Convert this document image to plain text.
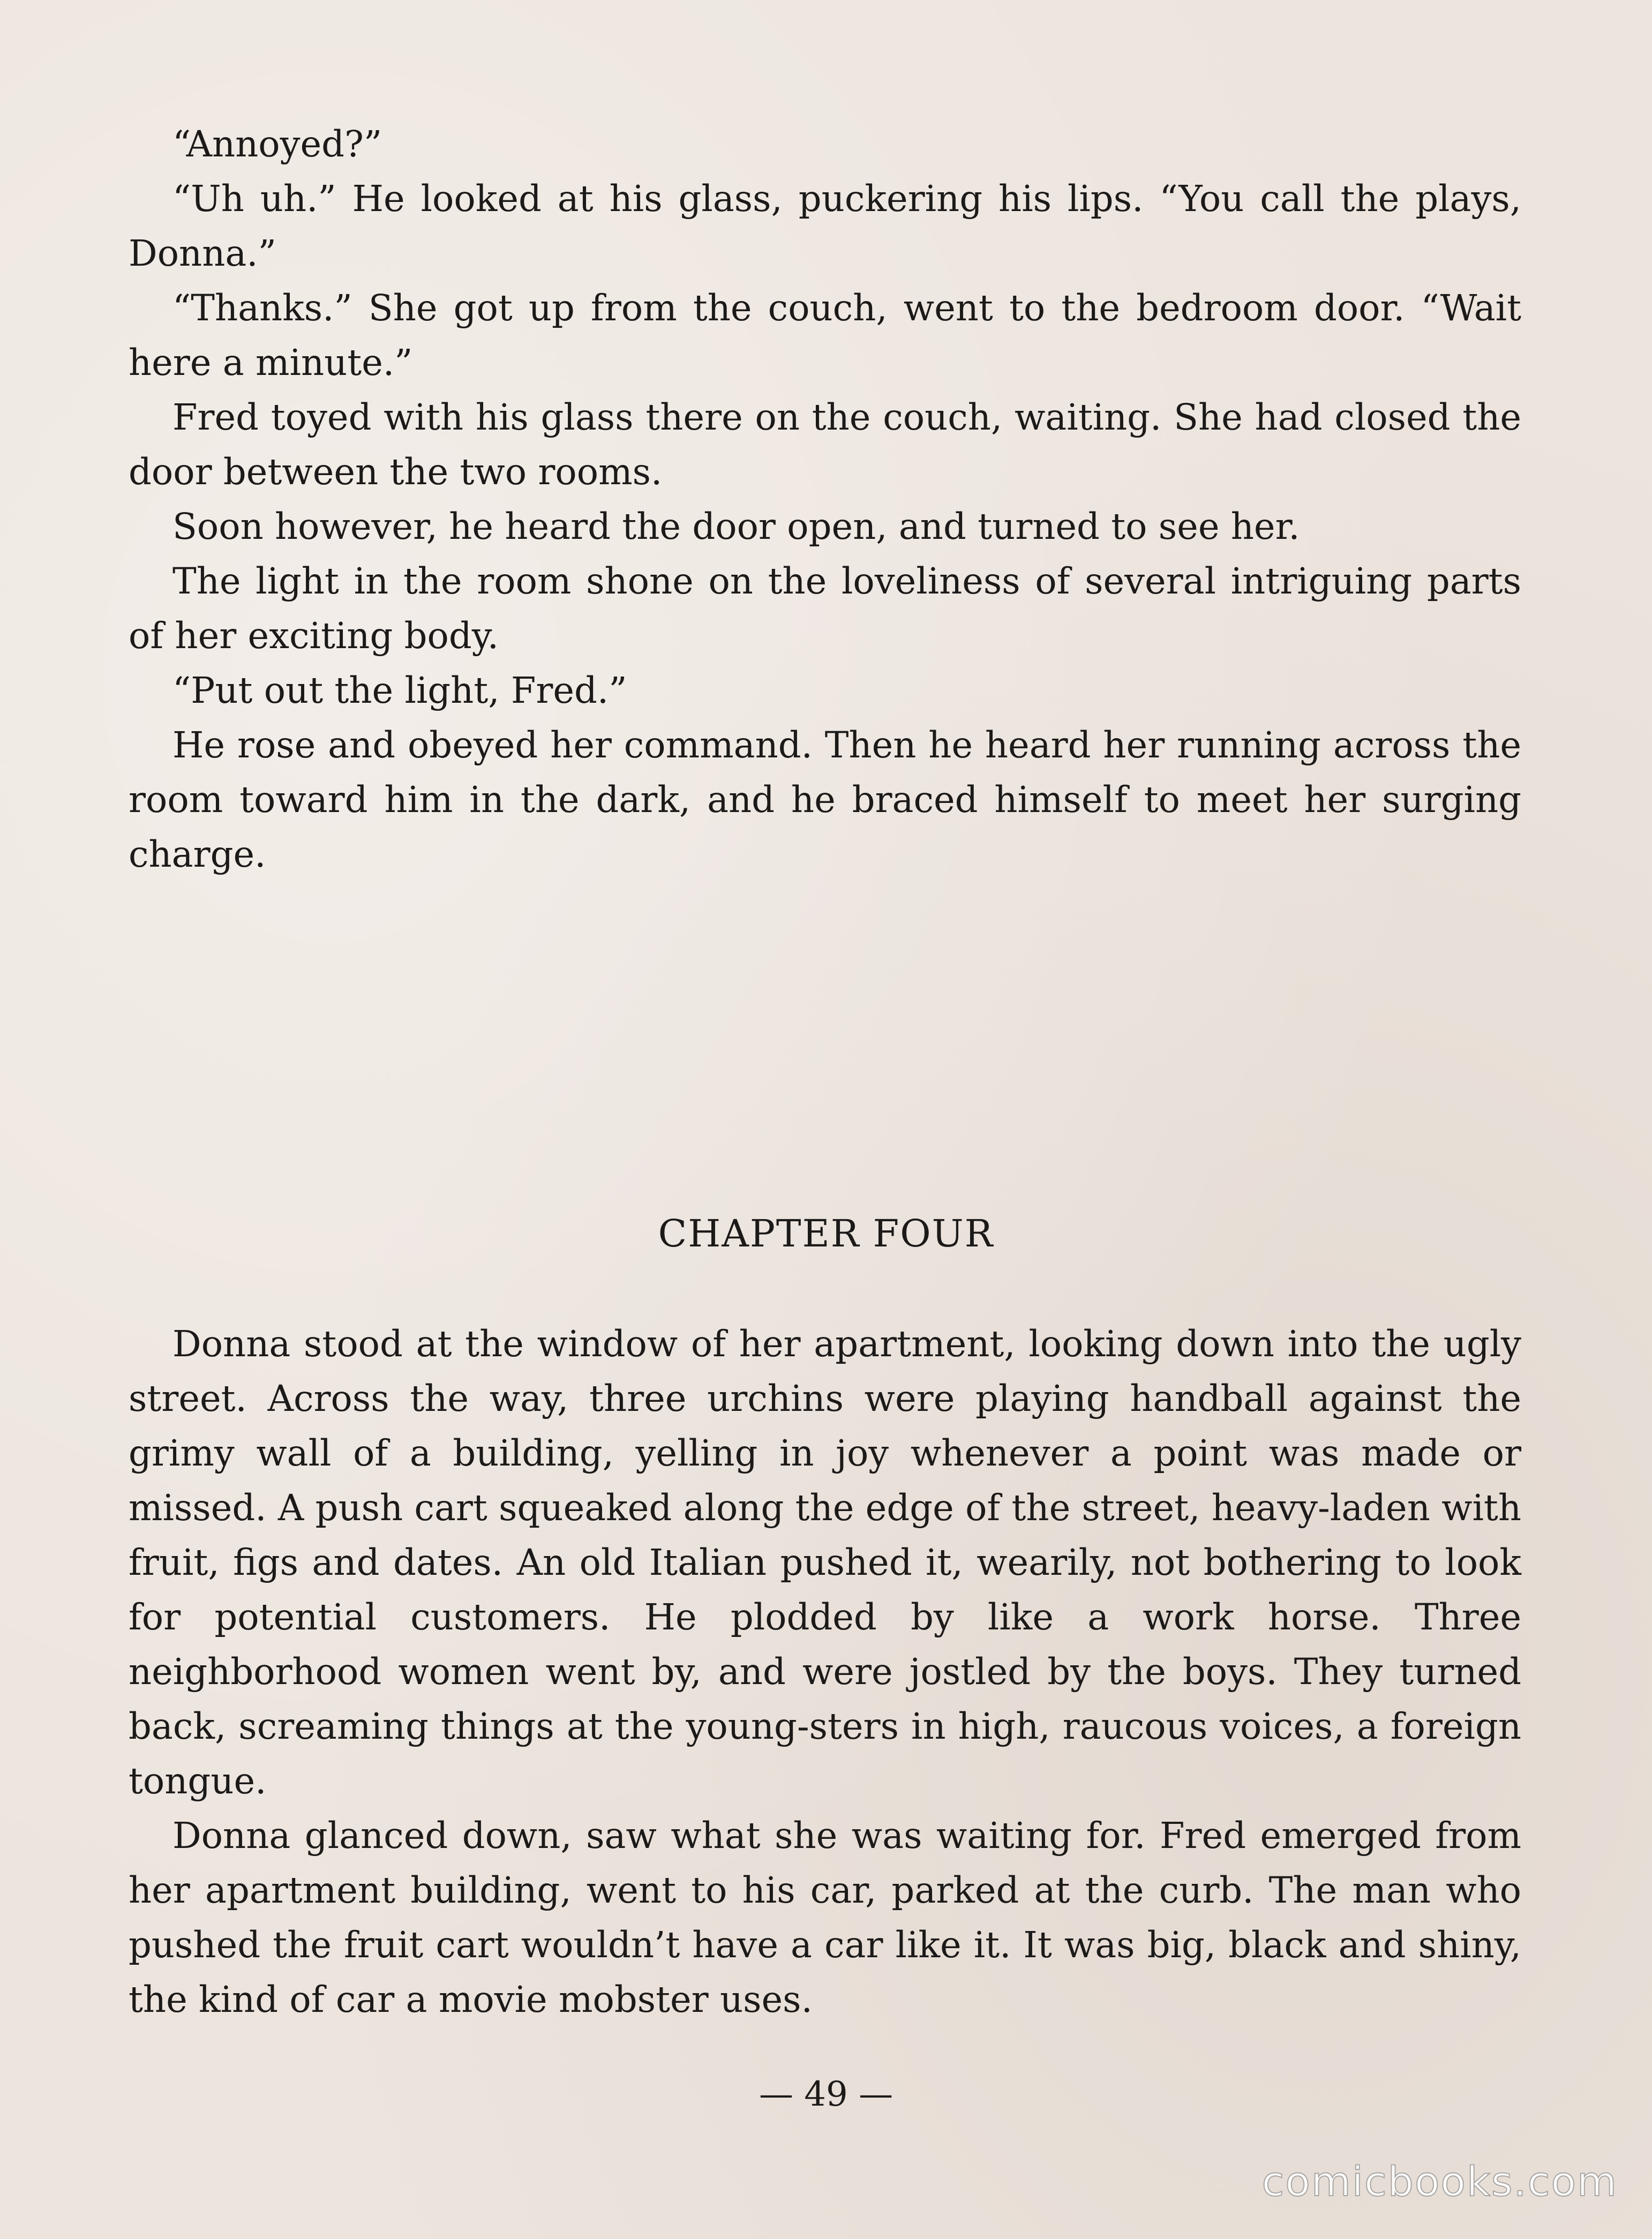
“Annoyed?”

“Uh uh.” He looked at his glass, puckering his lips. “You call the plays, Donna.”

“Thanks.” She got up from the couch, went to the bedroom door. “Wait here a minute.”

Fred toyed with his glass there on the couch, waiting. She had closed the door between the two rooms.

Soon however, he heard the door open, and turned to see her.

The light in the room shone on the loveliness of several intriguing parts of her exciting body.

“Put out the light, Fred.”

He rose and obeyed her command. Then he heard her running across the room toward him in the dark, and he braced himself to meet her surging charge.

CHAPTER FOUR

Donna stood at the window of her apartment, looking down into the ugly street. Across the way, three urchins were playing handball against the grimy wall of a building, yelling in joy whenever a point was made or missed. A push cart squeaked along the edge of the street, heavy-laden with fruit, figs and dates. An old Italian pushed it, wearily, not bothering to look for potential customers. He plodded by like a work horse. Three neighborhood women went by, and were jostled by the boys. They turned back, screaming things at the young-sters in high, raucous voices, a foreign tongue.

Donna glanced down, saw what she was waiting for. Fred emerged from her apartment building, went to his car, parked at the curb. The man who pushed the fruit cart wouldn’t have a car like it. It was big, black and shiny, the kind of car a movie mobster uses.

— 49 —
comicbooks.com
